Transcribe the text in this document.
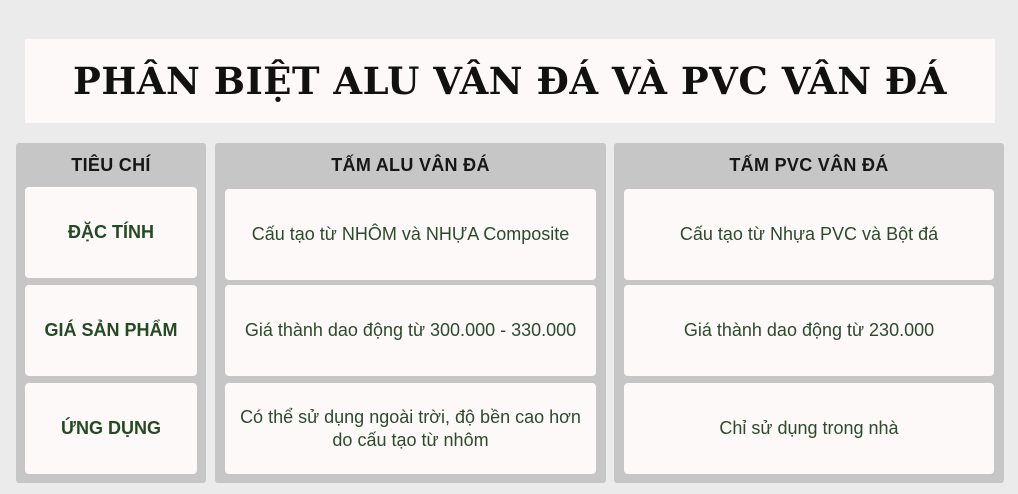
PHÂN BIỆT ALU VÂN ĐÁ VÀ PVC VÂN ĐÁ
TIÊU CHÍ
ĐẶC TÍNH
GIÁ SẢN PHẨM
ỨNG DỤNG
TẤM ALU VÂN ĐÁ
Cấu tạo từ NHÔM và NHỰA Composite
Giá thành dao động từ 300.000 - 330.000
Có thể sử dụng ngoài trời, độ bền cao hơn do cấu tạo từ nhôm
TẤM PVC VÂN ĐÁ
Cấu tạo từ Nhựa PVC và Bột đá
Giá thành dao động từ 230.000
Chỉ sử dụng trong nhà
